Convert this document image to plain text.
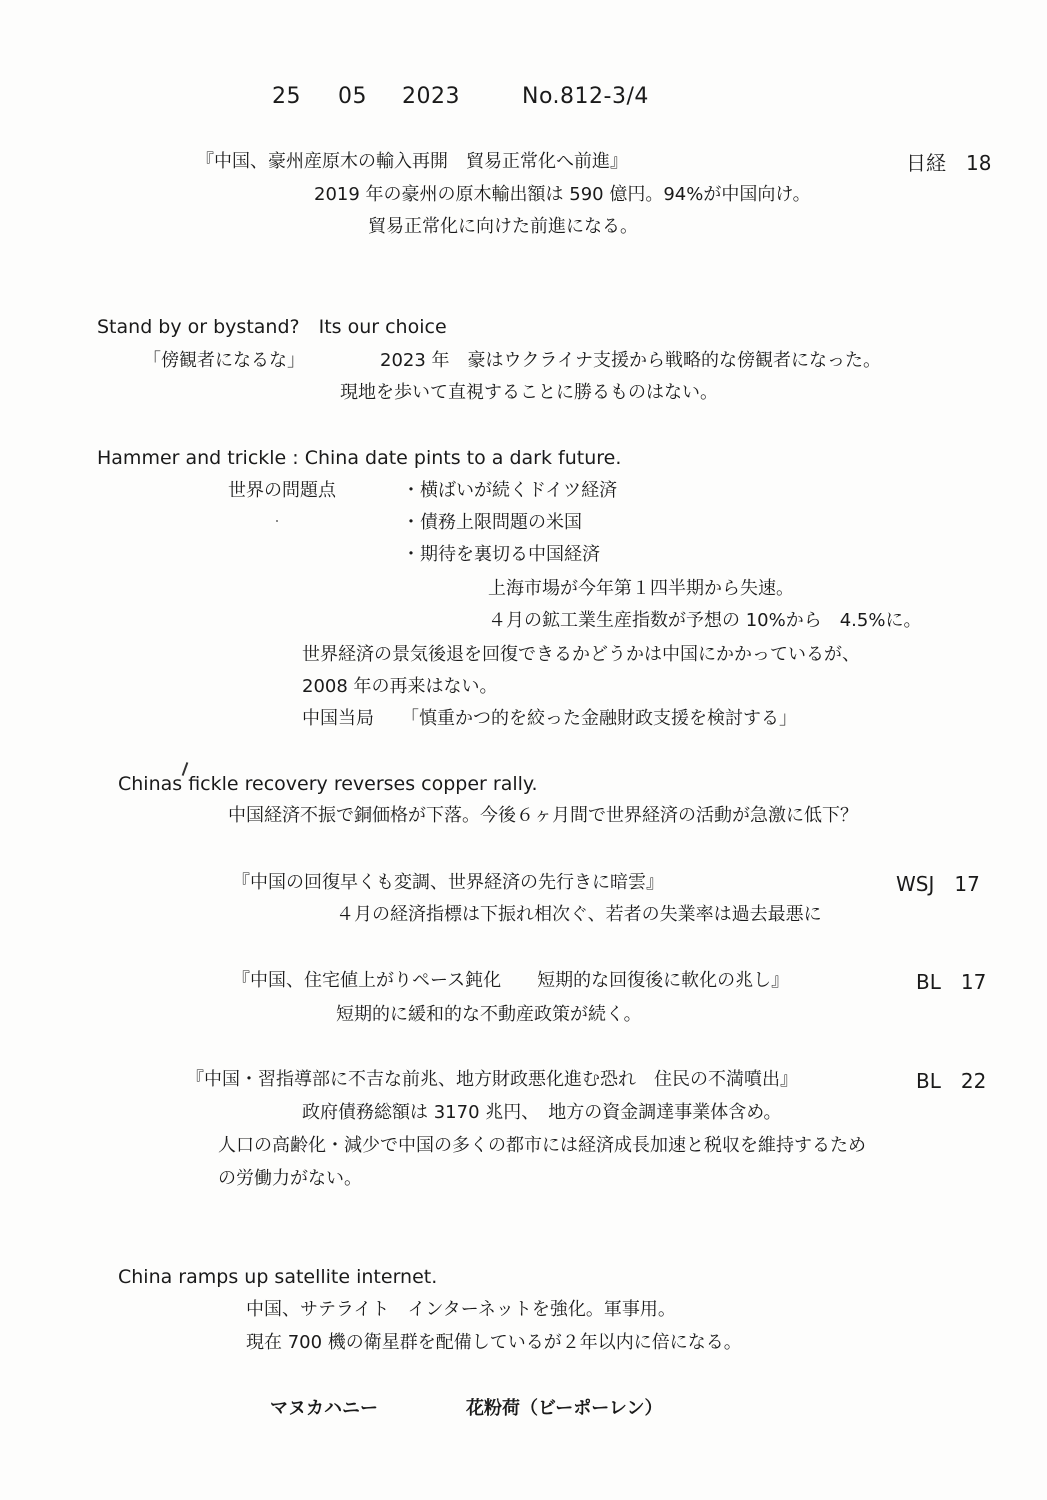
25 05 2023	No.812-3/4
『中国、豪州産原木の輸入再開　貿易正常化へ前進』	日経　18
2019 年の豪州の原木輸出額は 590 億円。94%が中国向け。
貿易正常化に向けた前進になる。
Stand by or bystand?　Its our choice
「傍観者になるな」	2023 年　豪はウクライナ支援から戦略的な傍観者になった。
現地を歩いて直視することに勝るものはない。
Hammer and trickle : China date pints to a dark future.
世界の問題点	・横ばいが続くドイツ経済
・債務上限問題の米国
・期待を裏切る中国経済
上海市場が今年第１四半期から失速。
４月の鉱工業生産指数が予想の 10%から　4.5%に。
世界経済の景気後退を回復できるかどうかは中国にかかっているが、
2008 年の再来はない。
中国当局　　「慎重かつ的を絞った金融財政支援を検討する」
Chinas fickle recovery reverses copper rally.
中国経済不振で銅価格が下落。今後６ヶ月間で世界経済の活動が急激に低下？
『中国の回復早くも変調、世界経済の先行きに暗雲』	WSJ　17
４月の経済指標は下振れ相次ぐ、若者の失業率は過去最悪に
『中国、住宅値上がりペース鈍化　　短期的な回復後に軟化の兆し』	BL　17
短期的に緩和的な不動産政策が続く。
『中国・習指導部に不吉な前兆、地方財政悪化進む恐れ　住民の不満噴出』	BL　22
政府債務総額は 3170 兆円、　地方の資金調達事業体含め。
人口の高齢化・減少で中国の多くの都市には経済成長加速と税収を維持するため
の労働力がない。
China ramps up satellite internet.
中国、サテライト　インターネットを強化。軍事用。
現在 700 機の衛星群を配備しているが２年以内に倍になる。
マヌカハニー	花粉荷（ビーポーレン）
